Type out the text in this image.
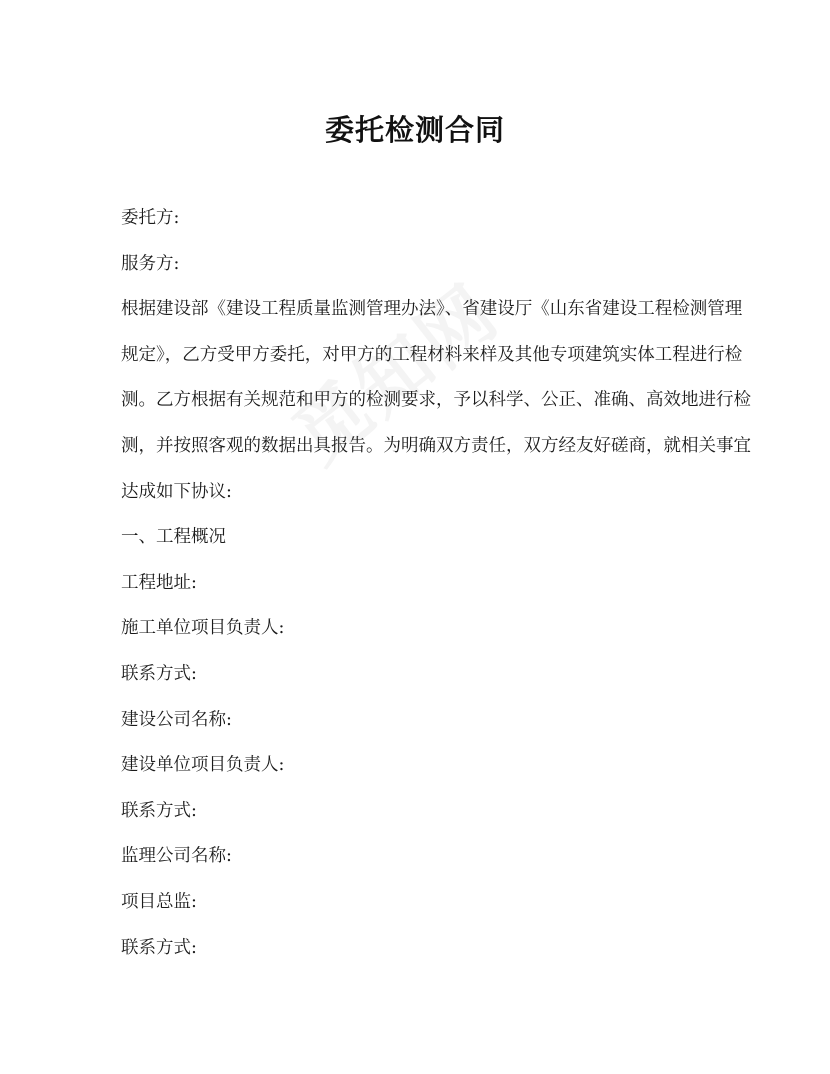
委托检测合同
委托方:
服务方:
根据建设部《建设工程质量监测管理办法》、省建设厅《山东省建设工程检测管理
规定》，乙方受甲方委托，对甲方的工程材料来样及其他专项建筑实体工程进行检
测。乙方根据有关规范和甲方的检测要求，予以科学、公正、准确、高效地进行检
测，并按照客观的数据出具报告。为明确双方责任，双方经友好磋商，就相关事宜
达成如下协议:
一、工程概况
工程地址:
施工单位项目负责人:
联系方式:
建设公司名称:
建设单位项目负责人:
联系方式:
监理公司名称:
项目总监:
联系方式:
